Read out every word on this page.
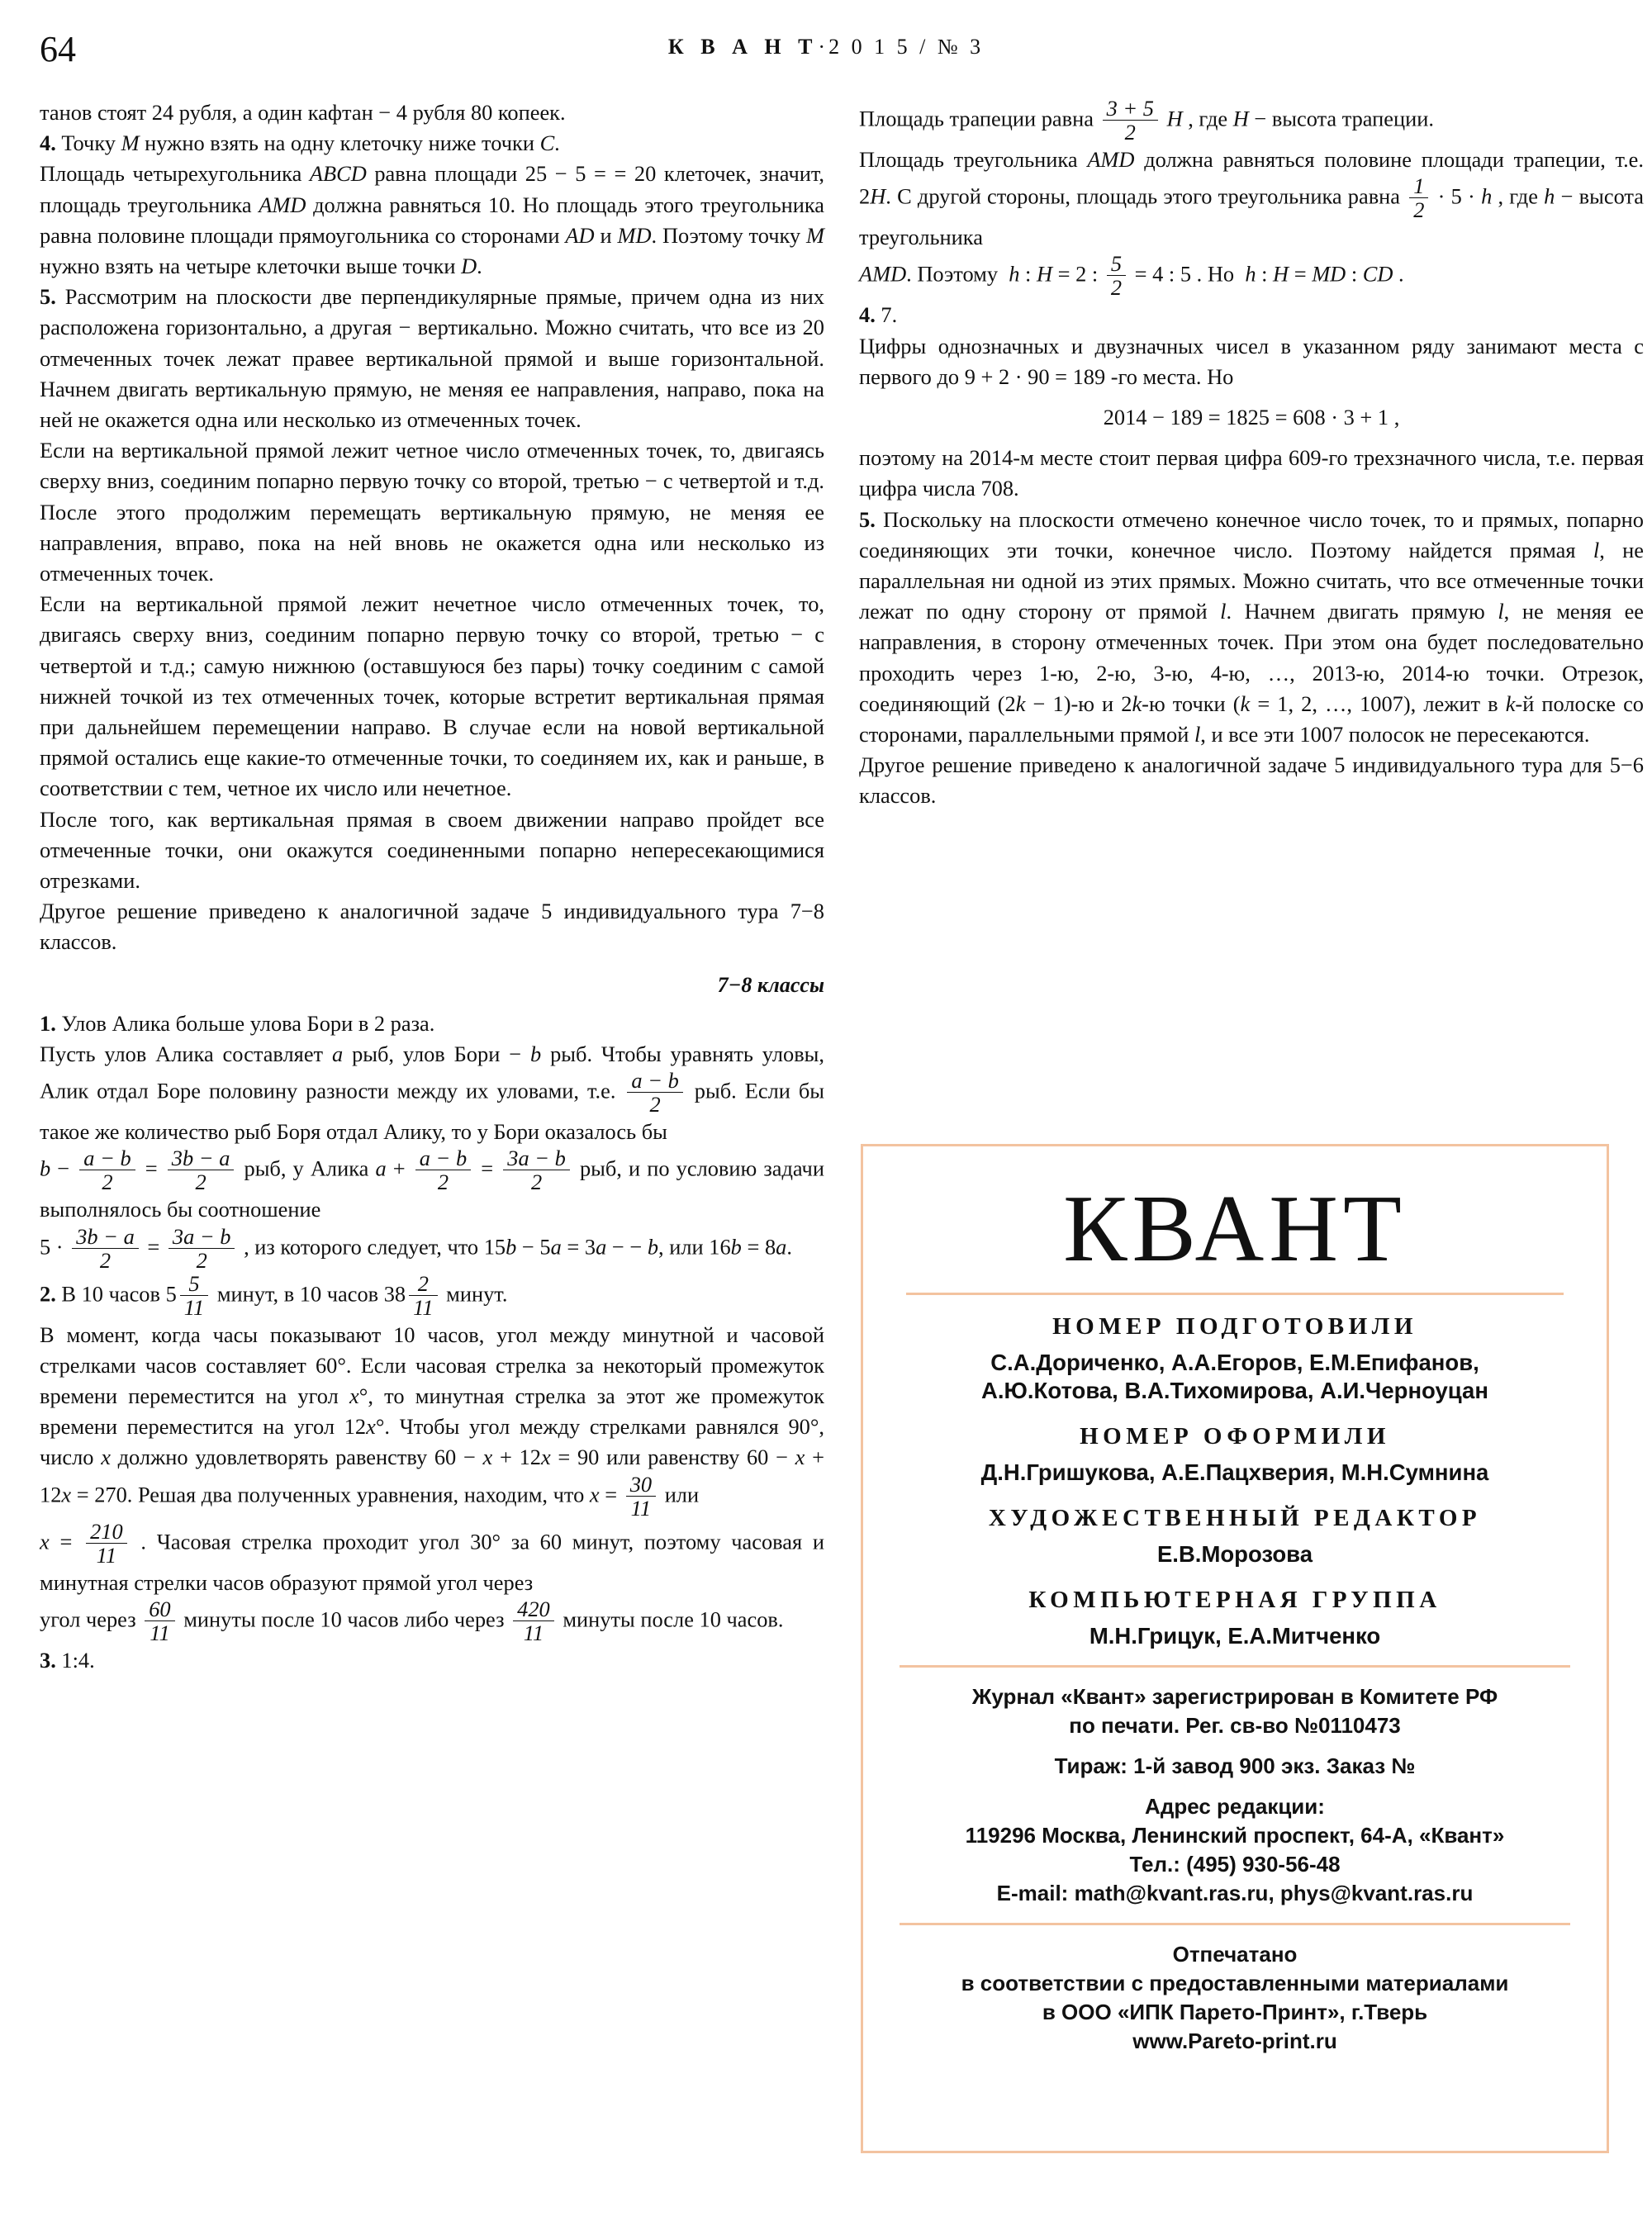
64	К В А Н Т·2 0 1 5 / № 3

танов стоят 24 рубля, а один кафтан − 4 рубля 80 копеек.

4. Точку M нужно взять на одну клеточку ниже точки C.

Площадь четырехугольника ABCD равна площади 25 − 5 = = 20 клеточек, значит, площадь треугольника AMD должна равняться 10. Но площадь этого треугольника равна половине площади прямоугольника со сторонами AD и MD. Поэтому точку M нужно взять на четыре клеточки выше точки D.

5. Рассмотрим на плоскости две перпендикулярные прямые, причем одна из них расположена горизонтально, а другая − вертикально. Можно считать, что все из 20 отмеченных точек лежат правее вертикальной прямой и выше горизонтальной. Начнем двигать вертикальную прямую, не меняя ее направления, направо, пока на ней не окажется одна или несколько из отмеченных точек.

Если на вертикальной прямой лежит четное число отмеченных точек, то, двигаясь сверху вниз, соединим попарно первую точку со второй, третью − с четвертой и т.д. После этого продолжим перемещать вертикальную прямую, не меняя ее направления, вправо, пока на ней вновь не окажется одна или несколько из отмеченных точек.

Если на вертикальной прямой лежит нечетное число отмеченных точек, то, двигаясь сверху вниз, соединим попарно первую точку со второй, третью − с четвертой и т.д.; самую нижнюю (оставшуюся без пары) точку соединим с самой нижней точкой из тех отмеченных точек, которые встретит вертикальная прямая при дальнейшем перемещении направо. В случае если на новой вертикальной прямой остались еще какие-то отмеченные точки, то соединяем их, как и раньше, в соответствии с тем, четное их число или нечетное.

После того, как вертикальная прямая в своем движении направо пройдет все отмеченные точки, они окажутся соединенными попарно непересекающимися отрезками.

Другое решение приведено к аналогичной задаче 5 индивидуального тура 7−8 классов.

7−8 классы

1. Улов Алика больше улова Бори в 2 раза.

Пусть улов Алика составляет a рыб, улов Бори − b рыб. Чтобы уравнять уловы, Алик отдал Боре половину разности между их уловами, т.е. $\frac{a - b}{2}$ рыб. Если бы такое же количество рыб Боря отдал Алику, то у Бори оказалось бы

$b - \frac{a - b}{2} = \frac{3b - a}{2}$ рыб, у Алика $a + \frac{a - b}{2} = \frac{3a - b}{2}$ рыб, и по условию задачи выполнялось бы соотношение

$5 \cdot \frac{3b - a}{2} = \frac{3a - b}{2}$ , из которого следует, что 15b − 5a = 3a − − b, или 16b = 8a.

2. В 10 часов $5 \frac{5}{11}$ минут, в 10 часов $38 \frac{2}{11}$ минут.

В момент, когда часы показывают 10 часов, угол между минутной и часовой стрелками часов составляет 60°. Если часовая стрелка за некоторый промежуток времени переместится на угол x°, то минутная стрелка за этот же промежуток времени переместится на угол 12x°. Чтобы угол между стрелками равнялся 90°, число x должно удовлетворять равенству 60 − x + 12x = 90 или равенству 60 − x + 12x = 270. Решая два полученных уравнения, находим, что $x = \frac{30}{11}$ или

$x = \frac{210}{11}$ . Часовая стрелка проходит угол 30° за 60 минут, поэтому часовая и минутная стрелки часов образуют прямой угол через

угол через $\frac{60}{11}$ минуты после 10 часов либо через $\frac{420}{11}$ минуты после 10 часов.

3. 1:4.

Площадь трапеции равна $\frac{3 + 5}{2}$ H , где H − высота трапеции.

Площадь треугольника AMD должна равняться половине площади трапеции, т.е. 2H. С другой стороны, площадь этого треугольника равна $\frac{1}{2} \cdot 5 \cdot h$ , где h − высота треугольника

AMD. Поэтому  h : H = 2 : $\frac{5}{2} = 4$ : 5 . Но  h : H = MD : CD .

4. 7.

Цифры однозначных и двузначных чисел в указанном ряду занимают места с первого до 9 + 2 · 90 = 189 -го места. Но

2014 − 189 = 1825 = 608 · 3 + 1 ,

поэтому на 2014-м месте стоит первая цифра 609-го трехзначного числа, т.е. первая цифра числа 708.

5. Поскольку на плоскости отмечено конечное число точек, то и прямых, попарно соединяющих эти точки, конечное число. Поэтому найдется прямая l, не параллельная ни одной из этих прямых. Можно считать, что все отмеченные точки лежат по одну сторону от прямой l. Начнем двигать прямую l, не меняя ее направления, в сторону отмеченных точек. При этом она будет последовательно проходить через 1-ю, 2-ю, 3-ю, 4-ю, …, 2013-ю, 2014-ю точки. Отрезок, соединяющий (2k − 1)-ю и 2k-ю точки (k = 1, 2, …, 1007), лежит в k-й полоске со сторонами, параллельными прямой l, и все эти 1007 полосок не пересекаются.

Другое решение приведено к аналогичной задаче 5 индивидуального тура для 5−6 классов.

КВАНТ
НОМЕР ПОДГОТОВИЛИ
С.А.Дориченко, А.А.Егоров, Е.М.Епифанов,
А.Ю.Котова, В.А.Тихомирова, А.И.Черноуцан
НОМЕР ОФОРМИЛИ
Д.Н.Гришукова, А.Е.Пацхверия, М.Н.Сумнина
ХУДОЖЕСТВЕННЫЙ РЕДАКТОР
Е.В.Морозова
КОМПЬЮТЕРНАЯ ГРУППА
М.Н.Грицук, Е.А.Митченко
Журнал «Квант» зарегистрирован в Комитете РФ
по печати. Рег. св-во №0110473
Тираж: 1-й завод 900 экз. Заказ №
Адрес редакции:
119296 Москва, Ленинский проспект, 64-А, «Квант»
Тел.: (495) 930-56-48
E-mail: math@kvant.ras.ru, phys@kvant.ras.ru
Отпечатано
в соответствии с предоставленными материалами
в ООО «ИПК Парето-Принт», г.Тверь
www.Pareto-print.ru
